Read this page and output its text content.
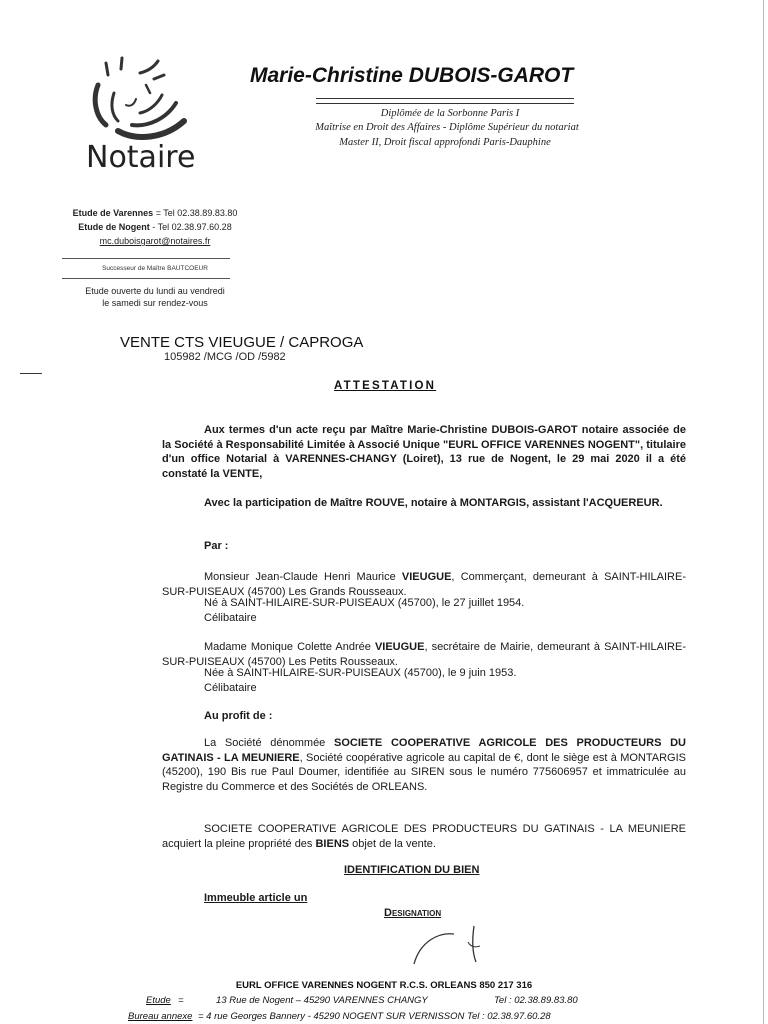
Notaire
Marie-Christine DUBOIS-GAROT
Diplômée de la Sorbonne Paris I
Maîtrise en Droit des Affaires - Diplôme Supérieur du notariat
Master II, Droit fiscal approfondi Paris-Dauphine
Etude de Varennes = Tel 02.38.89.83.80
Etude de Nogent - Tel 02.38.97.60.28
mc.duboisgarot@notaires.fr
Successeur de Maître BAUTCOEUR
Etude ouverte du lundi au vendredi
le samedi sur rendez-vous
VENTE CTS VIEUGUE / CAPROGA
105982 /MCG /OD /5982
ATTESTATION
Aux termes d'un acte reçu par Maître Marie-Christine DUBOIS-GAROT notaire associée de la Société à Responsabilité Limitée à Associé Unique "EURL OFFICE VARENNES NOGENT", titulaire d'un office Notarial à VARENNES-CHANGY (Loiret), 13 rue de Nogent, le 29 mai 2020 il a été constaté la VENTE,
Avec la participation de Maître ROUVE, notaire à MONTARGIS, assistant l'ACQUEREUR.
Par :
Monsieur Jean-Claude Henri Maurice VIEUGUE, Commerçant, demeurant à SAINT-HILAIRE-SUR-PUISEAUX (45700) Les Grands Rousseaux.
Né à SAINT-HILAIRE-SUR-PUISEAUX (45700), le 27 juillet 1954.
Célibataire
Madame Monique Colette Andrée VIEUGUE, secrétaire de Mairie, demeurant à SAINT-HILAIRE-SUR-PUISEAUX (45700) Les Petits Rousseaux.
Née à SAINT-HILAIRE-SUR-PUISEAUX (45700), le 9 juin 1953.
Célibataire
Au profit de :
La Société dénommée SOCIETE COOPERATIVE AGRICOLE DES PRODUCTEURS DU GATINAIS - LA MEUNIERE, Société coopérative agricole au capital de €, dont le siège est à MONTARGIS (45200), 190 Bis rue Paul Doumer, identifiée au SIREN sous le numéro 775606957 et immatriculée au Registre du Commerce et des Sociétés de ORLEANS.
SOCIETE COOPERATIVE AGRICOLE DES PRODUCTEURS DU GATINAIS - LA MEUNIERE acquiert la pleine propriété des BIENS objet de la vente.
IDENTIFICATION DU BIEN
Immeuble article un
Designation
EURL OFFICE VARENNES NOGENT R.C.S. ORLEANS 850 217 316
Etude =	13 Rue de Nogent – 45290 VARENNES CHANGY	Tel : 02.38.89.83.80
Bureau annexe = 4 rue Georges Bannery - 45290 NOGENT SUR VERNISSON Tel : 02.38.97.60.28
